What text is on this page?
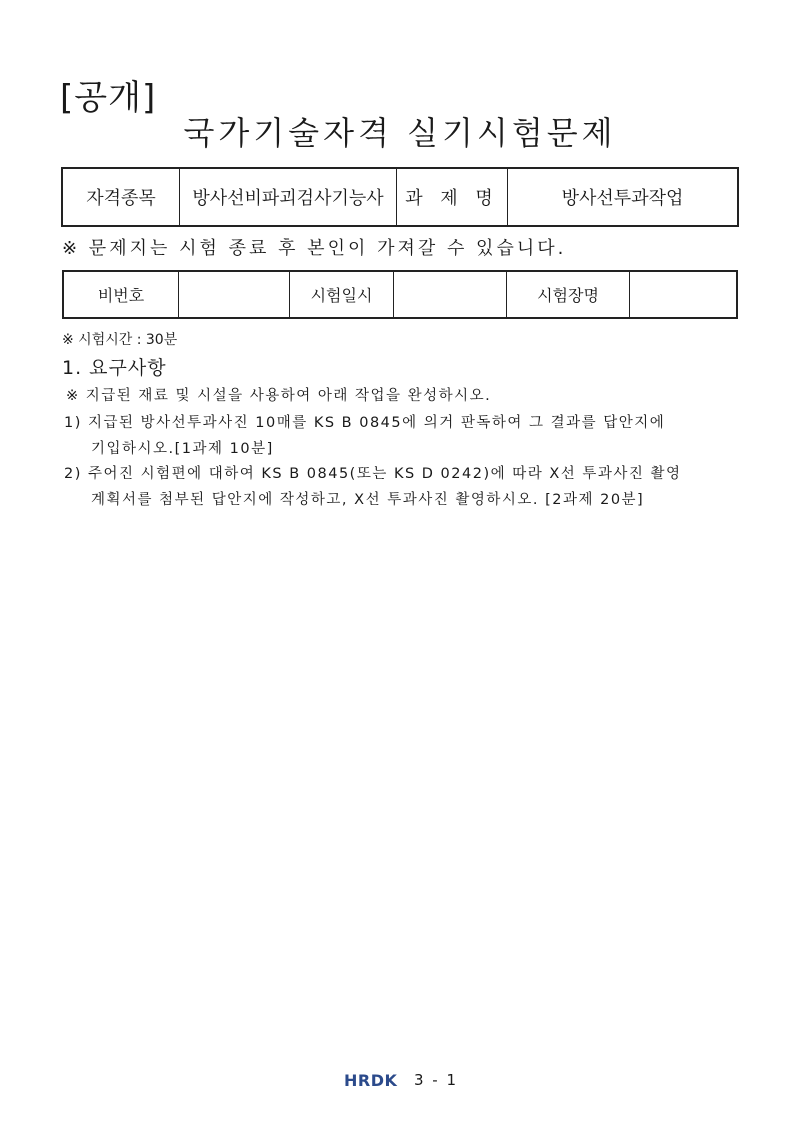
[공개]
국가기술자격 실기시험문제
자격종목	방사선비파괴검사기능사	과 제 명	방사선투과작업
※ 문제지는 시험 종료 후 본인이 가져갈 수 있습니다.
비번호		시험일시		시험장명	
※ 시험시간 : 30분
1. 요구사항
※ 지급된 재료 및 시설을 사용하여 아래 작업을 완성하시오.
1) 지급된 방사선투과사진 10매를 KS B 0845에 의거 판독하여 그 결과를 답안지에
기입하시오.[1과제 10분]
2) 주어진 시험편에 대하여 KS B 0845(또는 KS D 0242)에 따라 X선 투과사진 촬영
계획서를 첨부된 답안지에 작성하고, X선 투과사진 촬영하시오. [2과제 20분]
HRDK 3 - 1
